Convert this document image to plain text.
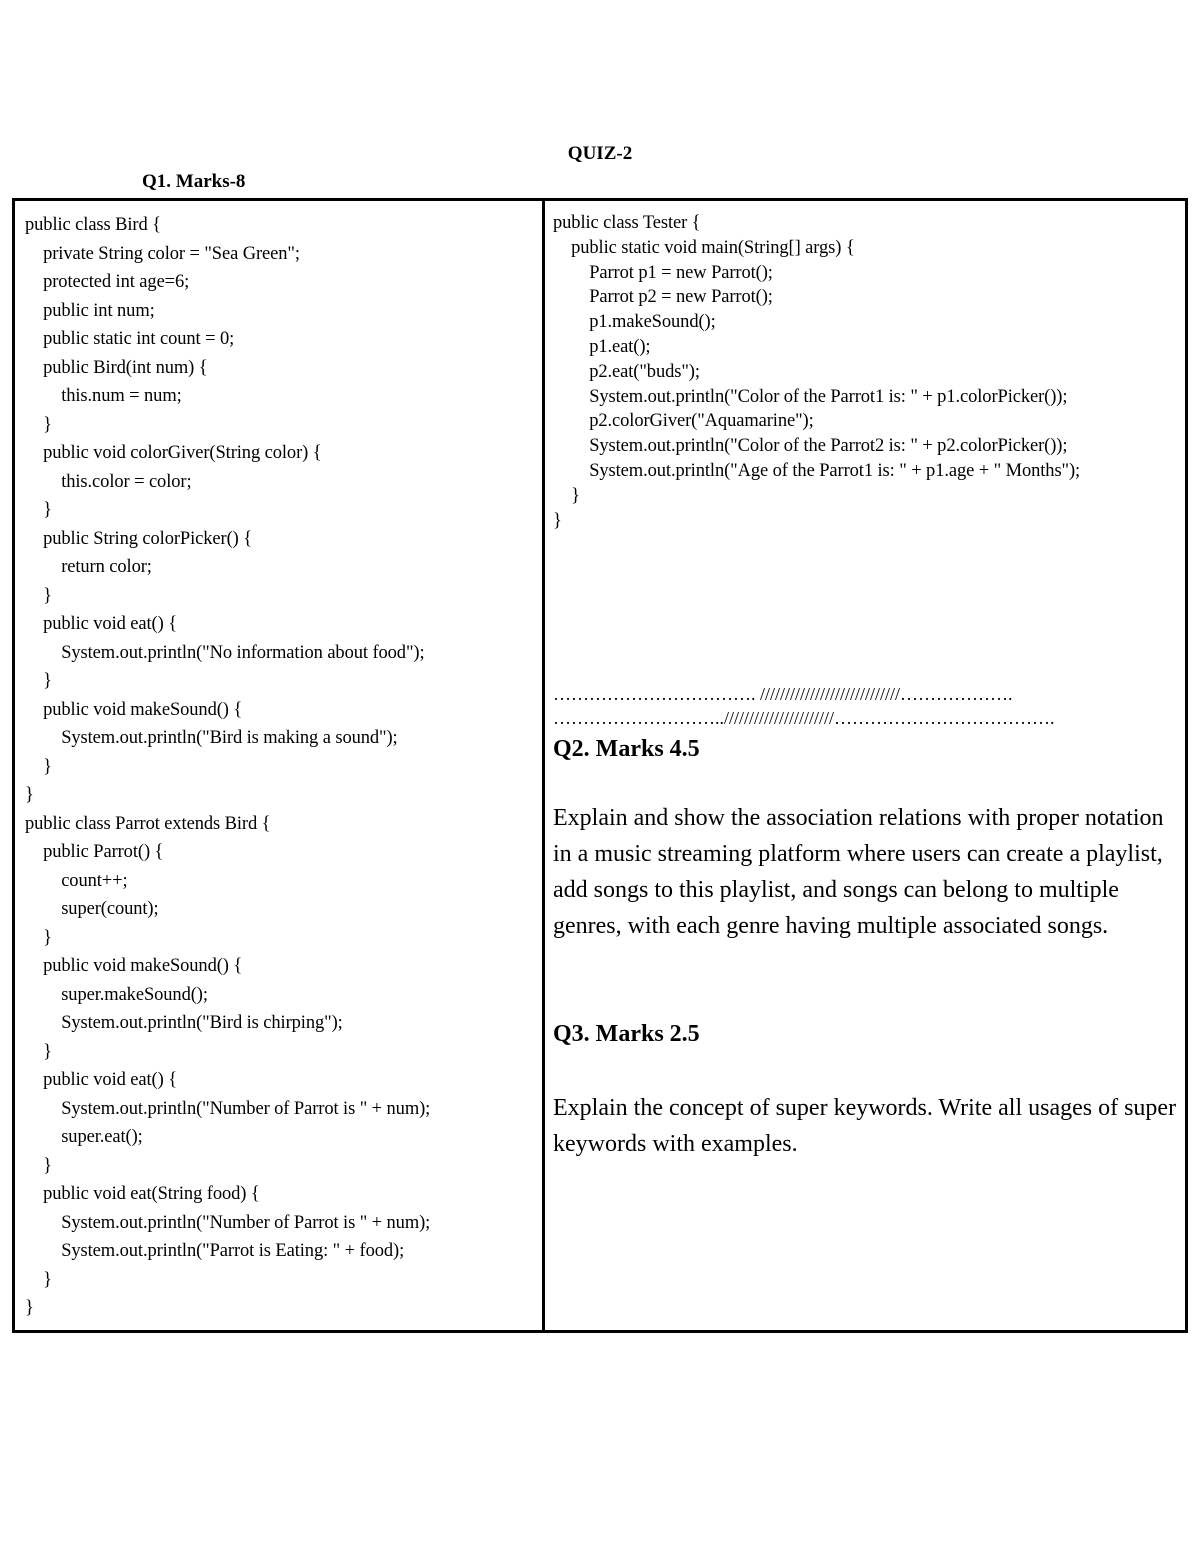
QUIZ-2
Q1. Marks-8
public class Bird {
private String color = "Sea Green";
protected int age=6;
public int num;
public static int count = 0;
public Bird(int num) {
this.num = num;
}
public void colorGiver(String color) {
this.color = color;
}
public String colorPicker() {
return color;
}
public void eat() {
System.out.println("No information about food");
}
public void makeSound() {
System.out.println("Bird is making a sound");
}
}
public class Parrot extends Bird {
public Parrot() {
count++;
super(count);
}
public void makeSound() {
super.makeSound();
System.out.println("Bird is chirping");
}
public void eat() {
System.out.println("Number of Parrot is " + num);
super.eat();
}
public void eat(String food) {
System.out.println("Number of Parrot is " + num);
System.out.println("Parrot is Eating: " + food);
}
}
public class Tester {
public static void main(String[] args) {
Parrot p1 = new Parrot();
Parrot p2 = new Parrot();
p1.makeSound();
p1.eat();
p2.eat("buds");
System.out.println("Color of the Parrot1 is: " + p1.colorPicker());
p2.colorGiver("Aquamarine");
System.out.println("Color of the Parrot2 is: " + p2.colorPicker());
System.out.println("Age of the Parrot1 is: " + p1.age + " Months");
}
}
……………………………. ////////////////////////////……………….
………………………..//////////////////////……………………………….
Q2. Marks 4.5
Explain and show the association relations with proper notation in a music streaming platform where users can create a playlist, add songs to this playlist, and songs can belong to multiple genres, with each genre having multiple associated songs.
Q3. Marks 2.5
Explain the concept of super keywords. Write all usages of super keywords with examples.
